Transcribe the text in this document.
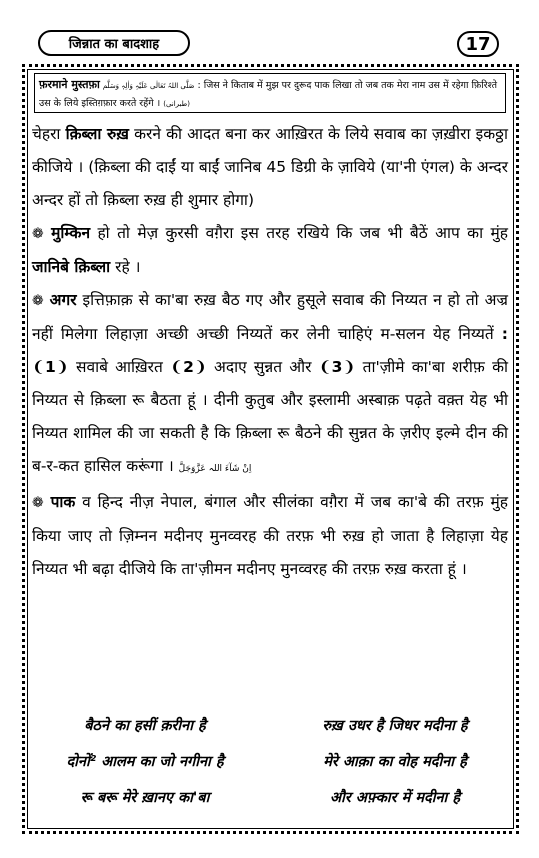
जिन्नात का बादशाह	17
फ़रमाने मुस्तफ़ा صَلَّی اللہُ تَعَالٰی عَلَیْہِ وَاٰلِہٖ وَسَلَّم : जिस ने किताब में मुझ पर दुरूद पाक लिखा तो जब तक मेरा नाम उस में रहेगा फ़िरिश्ते उस के लिये इस्तिग़फ़ार करते रहेंगे । (طبرانی)

चेहरा क़िब्ला रुख़ करने की आदत बना कर आख़िरत के लिये सवाब का ज़ख़ीरा इकठ्ठा कीजिये । (क़िब्ला की दाईं या बाईं जानिब 45 डिग्री के ज़ाविये (या'नी एंगल) के अन्दर अन्दर हों तो क़िब्ला रुख़ ही शुमार होगा)

❁ मुम्किन हो तो मेज़ कुरसी वग़ैरा इस तरह रखिये कि जब भी बैठें आप का मुंह जानिबे क़िब्ला रहे ।

❁ अगर इत्तिफ़ाक़ से का'बा रुख़ बैठ गए और हुसूले सवाब की निय्यत न हो तो अज्र नहीं मिलेगा लिहाज़ा अच्छी अच्छी निय्यतें कर लेनी चाहिएं म-सलन येह निय्यतें : ❨1❩ सवाबे आख़िरत ❨2❩ अदाए सुन्नत और ❨3❩ ता'ज़ीमे का'बा शरीफ़ की निय्यत से क़िब्ला रू बैठता हूं । दीनी कुतुब और इस्लामी अस्बाक़ पढ़ते वक़्त येह भी निय्यत शामिल की जा सकती है कि क़िब्ला रू बैठने की सुन्नत के ज़रीए इल्मे दीन की ब-र-कत हासिल करूंगा । اِنْ شَآءَ اللہ عَزَّوَجَلَّ

❁ पाक व हिन्द नीज़ नेपाल, बंगाल और सीलंका वग़ैरा में जब का'बे की तरफ़ मुंह किया जाए तो ज़िम्नन मदीनए मुनव्वरह की तरफ़ भी रुख़ हो जाता है लिहाज़ा येह निय्यत भी बढ़ा दीजिये कि ता'ज़ीमन मदीनए मुनव्वरह की तरफ़ रुख़ करता हूं ।

बैठने का हसीं क़रीना है	रुख़ उधर है जिधर मदीना है
दोनों² आलम का जो नगीना है	मेरे आक़ा का वोह मदीना है
रू बरू मेरे ख़ानए का'बा	और अफ़्कार में मदीना है
